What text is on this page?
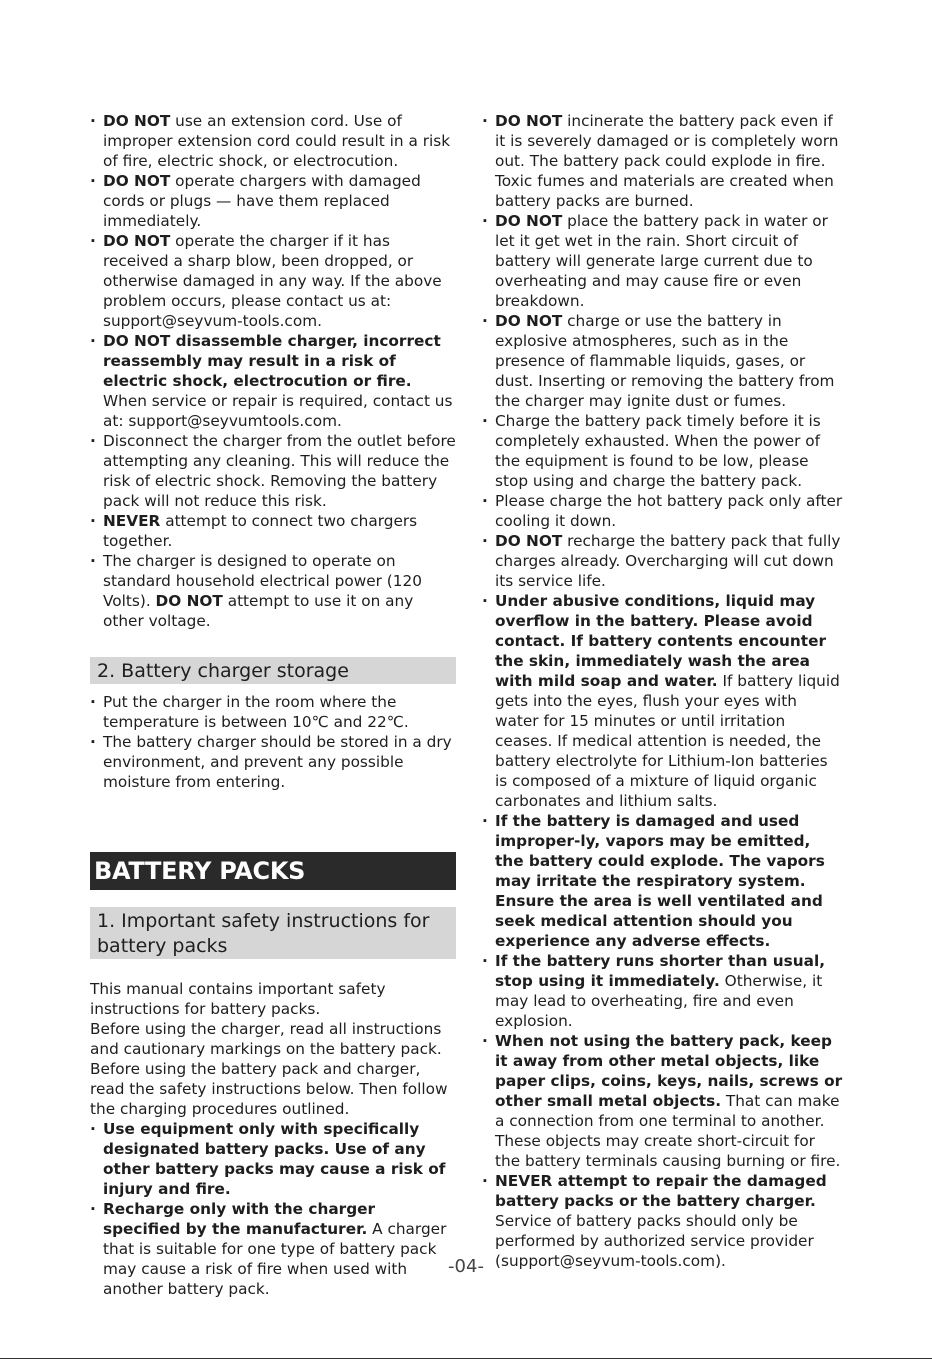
· DO NOT use an extension cord. Use of improper extension cord could result in a risk of fire, electric shock, or electrocution.
· DO NOT operate chargers with damaged cords or plugs — have them replaced immediately.
· DO NOT operate the charger if it has received a sharp blow, been dropped, or otherwise damaged in any way. If the above problem occurs, please contact us at: support@seyvum-tools.com.
· DO NOT disassemble charger, incorrect reassembly may result in a risk of electric shock, electrocution or fire. When service or repair is required, contact us at: support@seyvumtools.com.
· Disconnect the charger from the outlet before attempting any cleaning. This will reduce the risk of electric shock. Removing the battery pack will not reduce this risk.
· NEVER attempt to connect two chargers together.
· The charger is designed to operate on standard household electrical power (120 Volts). DO NOT attempt to use it on any other voltage.
2. Battery charger storage
· Put the charger in the room where the temperature is between 10℃ and 22℃.
· The battery charger should be stored in a dry environment, and prevent any possible moisture from entering.
BATTERY PACKS
1. Important safety instructions for battery packs

This manual contains important safety instructions for battery packs.

Before using the charger, read all instructions and cautionary markings on the battery pack.

Before using the battery pack and charger, read the safety instructions below. Then follow the charging procedures outlined.

· Use equipment only with specifically designated battery packs. Use of any other battery packs may cause a risk of injury and fire.
· Recharge only with the charger specified by the manufacturer. A charger that is suitable for one type of battery pack may cause a risk of fire when used with another battery pack.
· DO NOT incinerate the battery pack even if it is severely damaged or is completely worn out. The battery pack could explode in fire. Toxic fumes and materials are created when battery packs are burned.
· DO NOT place the battery pack in water or let it get wet in the rain. Short circuit of battery will generate large current due to overheating and may cause fire or even breakdown.
· DO NOT charge or use the battery in explosive atmospheres, such as in the presence of flammable liquids, gases, or dust. Inserting or removing the battery from the charger may ignite dust or fumes.
· Charge the battery pack timely before it is completely exhausted. When the power of the equipment is found to be low, please stop using and charge the battery pack.
· Please charge the hot battery pack only after cooling it down.
· DO NOT recharge the battery pack that fully charges already. Overcharging will cut down its service life.
· Under abusive conditions, liquid may overflow in the battery. Please avoid contact. If battery contents encounter the skin, immediately wash the area with mild soap and water. If battery liquid gets into the eyes, flush your eyes with water for 15 minutes or until irritation ceases. If medical attention is needed, the battery electrolyte for Lithium-Ion batteries is composed of a mixture of liquid organic carbonates and lithium salts.
· If the battery is damaged and used improper-ly, vapors may be emitted, the battery could explode. The vapors may irritate the respiratory system. Ensure the area is well ventilated and seek medical attention should you experience any adverse effects.
· If the battery runs shorter than usual, stop using it immediately. Otherwise, it may lead to overheating, fire and even explosion.
· When not using the battery pack, keep it away from other metal objects, like paper clips, coins, keys, nails, screws or other small metal objects. That can make a connection from one terminal to another. These objects may create short-circuit for the battery terminals causing burning or fire.
· NEVER attempt to repair the damaged battery packs or the battery charger. Service of battery packs should only be performed by authorized service provider (support@seyvum-tools.com).
-04-
